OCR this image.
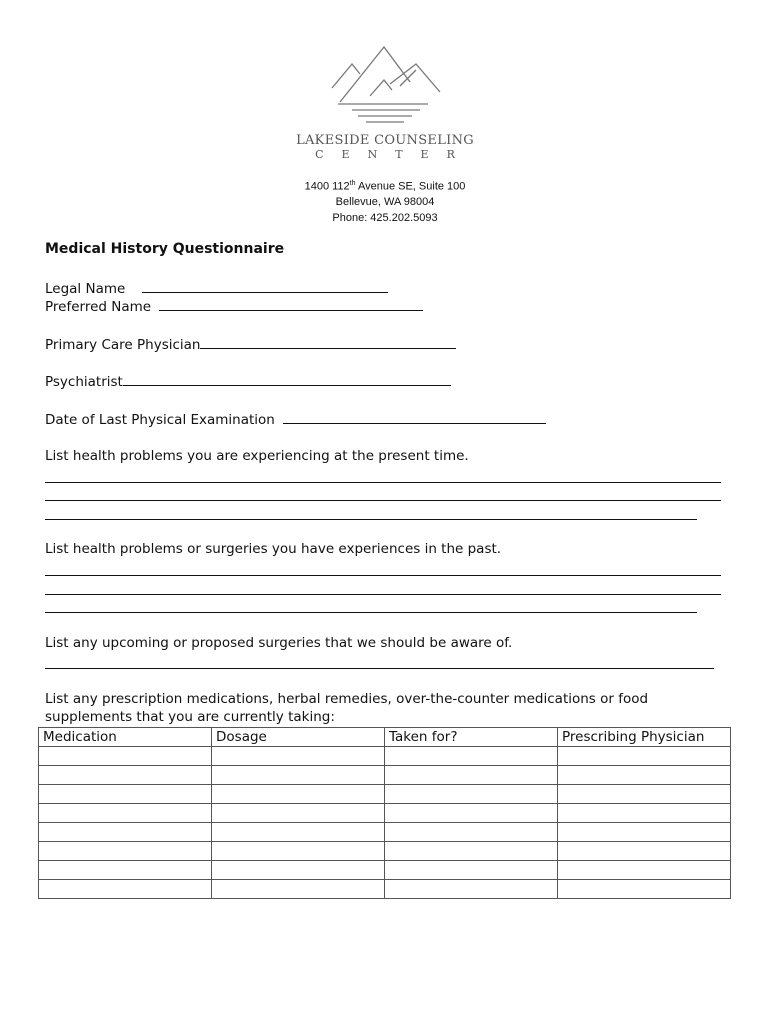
LAKESIDE COUNSELING
CENTER
1400 112th Avenue SE, Suite 100
Bellevue, WA 98004
Phone: 425.202.5093
Medical History Questionnaire
Legal Name
Preferred Name
Primary Care Physician
Psychiatrist
Date of Last Physical Examination
List health problems you are experiencing at the present time.
List health problems or surgeries you have experiences in the past.
List any upcoming or proposed surgeries that we should be aware of.
List any prescription medications, herbal remedies, over-the-counter medications or food
supplements that you are currently taking:
Medication	Dosage	Taken for?	Prescribing Physician
